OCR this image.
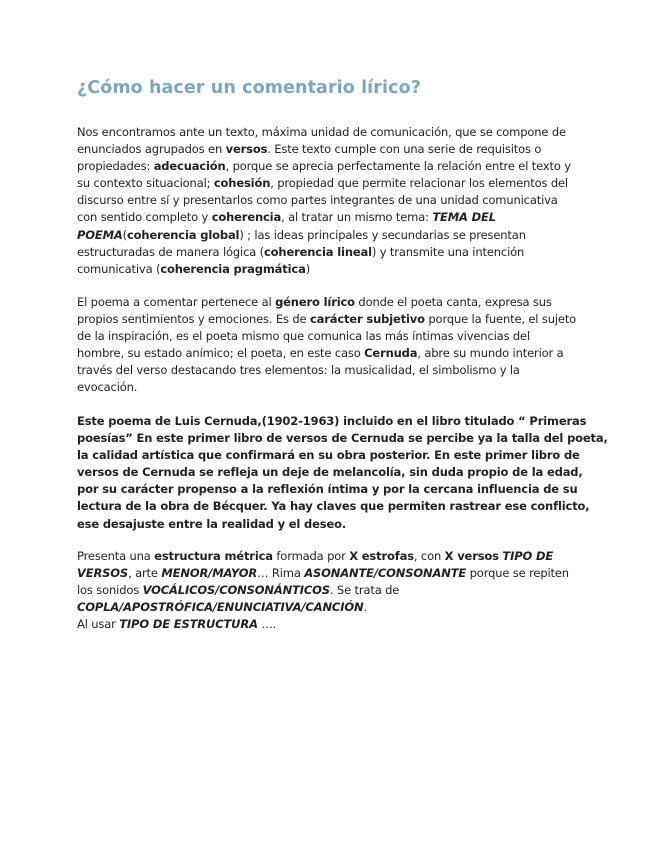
¿Cómo hacer un comentario lírico?

Nos encontramos ante un texto, máxima unidad de comunicación, que se compone de
enunciados agrupados en versos. Este texto cumple con una serie de requisitos o
propiedades: adecuación, porque se aprecia perfectamente la relación entre el texto y
su contexto situacional; cohesión, propiedad que permite relacionar los elementos del
discurso entre sí y presentarlos como partes integrantes de una unidad comunicativa
con sentido completo y coherencia, al tratar un mismo tema: TEMA DEL
POEMA(coherencia global) ; las ideas principales y secundarias se presentan
estructuradas de manera lógica (coherencia lineal) y transmite una intención
comunicativa (coherencia pragmática)

El poema a comentar pertenece al género lírico donde el poeta canta, expresa sus
propios sentimientos y emociones. Es de carácter subjetivo porque la fuente, el sujeto
de la inspiración, es el poeta mismo que comunica las más íntimas vivencias del
hombre, su estado anímico; el poeta, en este caso Cernuda, abre su mundo interior a
través del verso destacando tres elementos: la musicalidad, el simbolismo y la
evocación.

Este poema de Luis Cernuda,(1902-1963) incluido en el libro titulado “ Primeras
poesías” En este primer libro de versos de Cernuda se percibe ya la talla del poeta,
la calidad artística que confirmará en su obra posterior. En este primer libro de
versos de Cernuda se refleja un deje de melancolía, sin duda propio de la edad,
por su carácter propenso a la reflexión íntima y por la cercana influencia de su
lectura de la obra de Bécquer. Ya hay claves que permiten rastrear ese conflicto,
ese desajuste entre la realidad y el deseo.

Presenta una estructura métrica formada por X estrofas, con X versos TIPO DE
VERSOS, arte MENOR/MAYOR… Rima ASONANTE/CONSONANTE porque se repiten
los sonidos VOCÁLICOS/CONSONÁNTICOS. Se trata de
COPLA/APOSTRÓFICA/ENUNCIATIVA/CANCIÓN.
Al usar TIPO DE ESTRUCTURA ….
